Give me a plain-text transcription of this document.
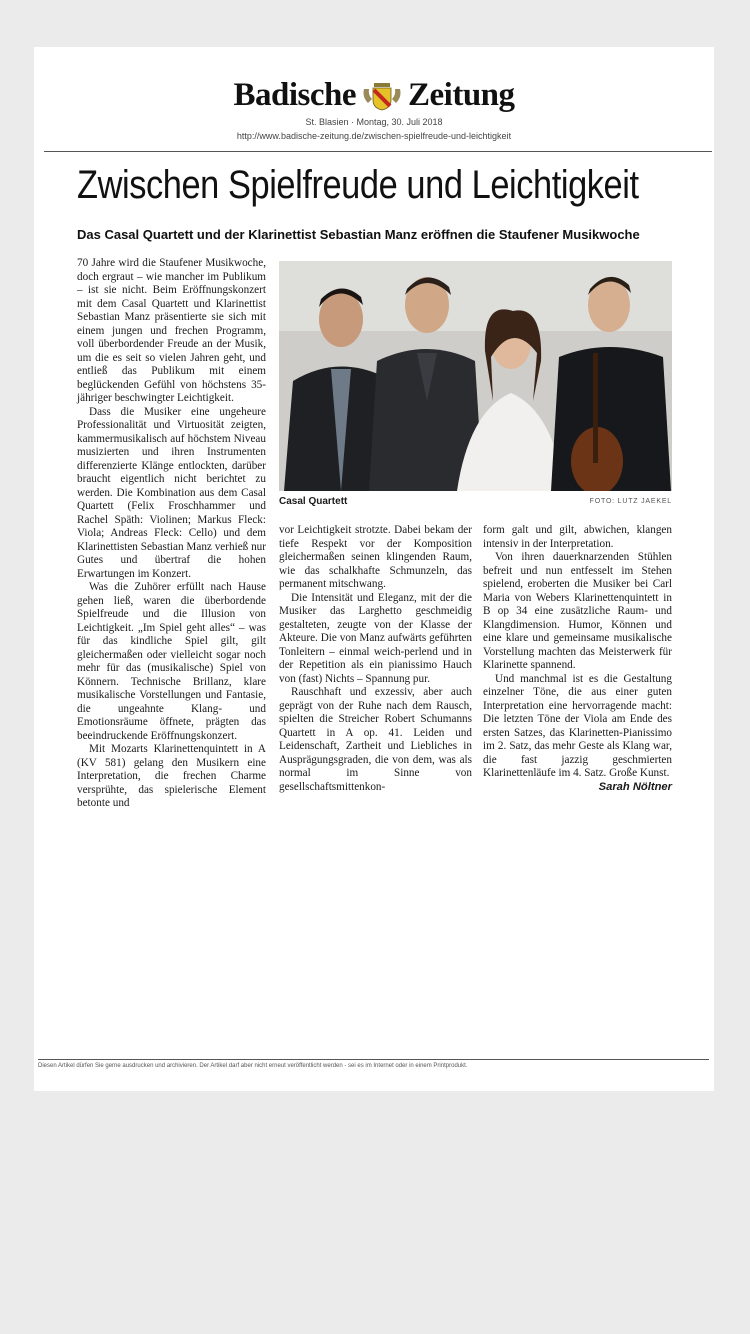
Badische Zeitung
St. Blasien · Montag, 30. Juli 2018
http://www.badische-zeitung.de/zwischen-spielfreude-und-leichtigkeit
Zwischen Spielfreude und Leichtigkeit
Das Casal Quartett und der Klarinettist Sebastian Manz eröffnen die Staufener Musikwoche

70 Jahre wird die Staufener Musikwoche, doch ergraut – wie mancher im Publikum – ist sie nicht. Beim Eröffnungskonzert mit dem Casal Quartett und Klarinettist Sebastian Manz präsentierte sie sich mit einem jungen und frechen Programm, voll überbordender Freude an der Musik, um die es seit so vielen Jahren geht, und entließ das Publikum mit einem beglückenden Gefühl von höchstens 35-jähriger beschwingter Leichtigkeit.

Dass die Musiker eine ungeheure Professionalität und Virtuosität zeigten, kammermusikalisch auf höchstem Niveau musizierten und ihren Instrumenten differenzierte Klänge entlockten, darüber braucht eigentlich nicht berichtet zu werden. Die Kombination aus dem Casal Quartett (Felix Froschhammer und Rachel Späth: Violinen; Markus Fleck: Viola; Andreas Fleck: Cello) und dem Klarinettisten Sebastian Manz verhieß nur Gutes und übertraf die hohen Erwartungen im Konzert.

Was die Zuhörer erfüllt nach Hause gehen ließ, waren die überbordende Spielfreude und die Illusion von Leichtigkeit. „Im Spiel geht alles“ – was für das kindliche Spiel gilt, gilt gleichermaßen oder vielleicht sogar noch mehr für das (musikalische) Spiel von Könnern. Technische Brillanz, klare musikalische Vorstellungen und Fantasie, die ungeahnte Klang- und Emotionsräume öffnete, prägten das beeindruckende Eröffnungskonzert.

Mit Mozarts Klarinettenquintett in A (KV 581) gelang den Musikern eine Interpretation, die frechen Charme versprühte, das spielerische Element betonte und

Casal Quartett	FOTO: LUTZ JAEKEL

vor Leichtigkeit strotzte. Dabei bekam der tiefe Respekt vor der Komposition gleichermaßen seinen klingenden Raum, wie das schalkhafte Schmunzeln, das permanent mitschwang.

Die Intensität und Eleganz, mit der die Musiker das Larghetto geschmeidig gestalteten, zeugte von der Klasse der Akteure. Die von Manz aufwärts geführten Tonleitern – einmal weich-perlend und in der Repetition als ein pianissimo Hauch von (fast) Nichts – Spannung pur.

Rauschhaft und exzessiv, aber auch geprägt von der Ruhe nach dem Rausch, spielten die Streicher Robert Schumanns Quartett in A op. 41. Leiden und Leidenschaft, Zartheit und Liebliches in Ausprägungsgraden, die von dem, was als normal im Sinne von gesellschaftsmittenkon-

form galt und gilt, abwichen, klangen intensiv in der Interpretation.

Von ihren dauerknarzenden Stühlen befreit und nun entfesselt im Stehen spielend, eroberten die Musiker bei Carl Maria von Webers Klarinettenquintett in B op 34 eine zusätzliche Raum- und Klangdimension. Humor, Können und eine klare und gemeinsame musikalische Vorstellung machten das Meisterwerk für Klarinette spannend.

Und manchmal ist es die Gestaltung einzelner Töne, die aus einer guten Interpretation eine hervorragende macht: Die letzten Töne der Viola am Ende des ersten Satzes, das Klarinetten-Pianissimo im 2. Satz, das mehr Geste als Klang war, die fast jazzig geschmierten Klarinettenläufe im 4. Satz. Große Kunst.
Sarah Nöltner

Diesen Artikel dürfen Sie gerne ausdrucken und archivieren. Der Artikel darf aber nicht erneut veröffentlicht werden - sei es im Internet oder in einem Printprodukt.
